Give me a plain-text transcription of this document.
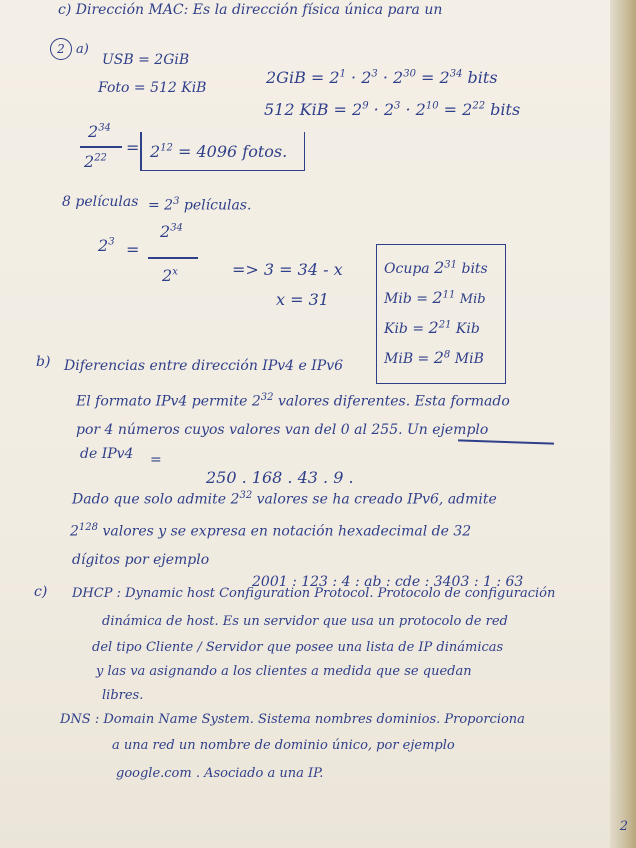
c) Dirección MAC: Es la dirección física única para un
2 a)
USB = 2GiB
Foto = 512 KiB
$2GiB = 2^1 \cdot 2^3 \cdot 2^{30} = 2^{34}$ bits
512 KiB = $2^9 \cdot 2^3 \cdot 2^{10} = 2^{22}$ bits
$2^{34}$
$2^{22}$
= $2^{12} = 4096$ fotos.
8 películas = $2^3$ películas.
$2^3$ =
$2^{34}$
$2^x$	=> 3 = 34 - x
x = 31
Ocupa $2^{31}$ bits
Mib = $2^{11}$ Mib
Kib = $2^{21}$ Kib
MiB = $2^8$ MiB
b) Diferencias entre dirección IPv4 e IPv6
El formato IPv4 permite $2^{32}$ valores diferentes. Esta formado
por 4 números cuyos valores van del 0 al 255. Un ejemplo
de IPv4 =
250 . 168 . 43 . 9 .
Dado que solo admite $2^{32}$ valores se ha creado IPv6, admite
$2^{128}$ valores y se expresa en notación hexadecimal de 32
dígitos por ejemplo
2001 : 123 : 4 : ab : cde : 3403 : 1 : 63
c) DHCP : Dynamic host Configuration Protocol. Protocolo de configuración
dinámica de host. Es un servidor que usa un protocolo de red
del tipo Cliente / Servidor que posee una lista de IP dinámicas
y las va asignando a los clientes a medida que se quedan
libres.
DNS : Domain Name System. Sistema nombres dominios. Proporciona
a una red un nombre de dominio único, por ejemplo
google.com . Asociado a una IP.
2
